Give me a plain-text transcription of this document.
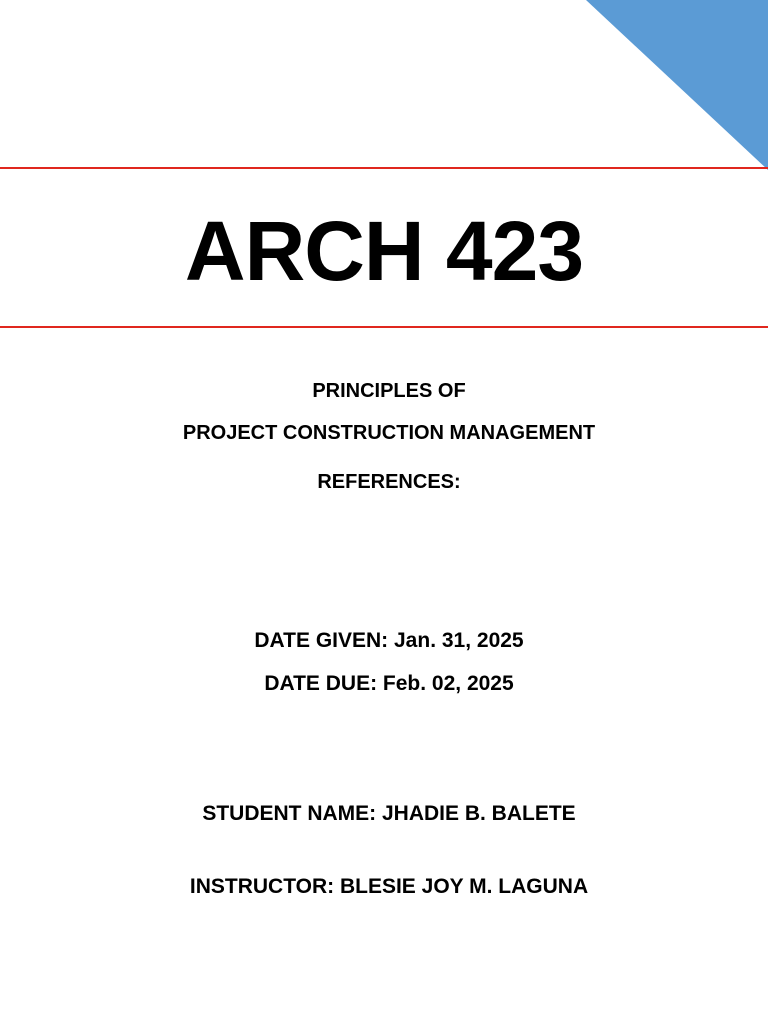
ARCH 423
PRINCIPLES OF
PROJECT CONSTRUCTION MANAGEMENT
REFERENCES:
DATE GIVEN: Jan. 31, 2025
DATE DUE: Feb. 02, 2025
STUDENT NAME: JHADIE B. BALETE
INSTRUCTOR: BLESIE JOY M. LAGUNA
